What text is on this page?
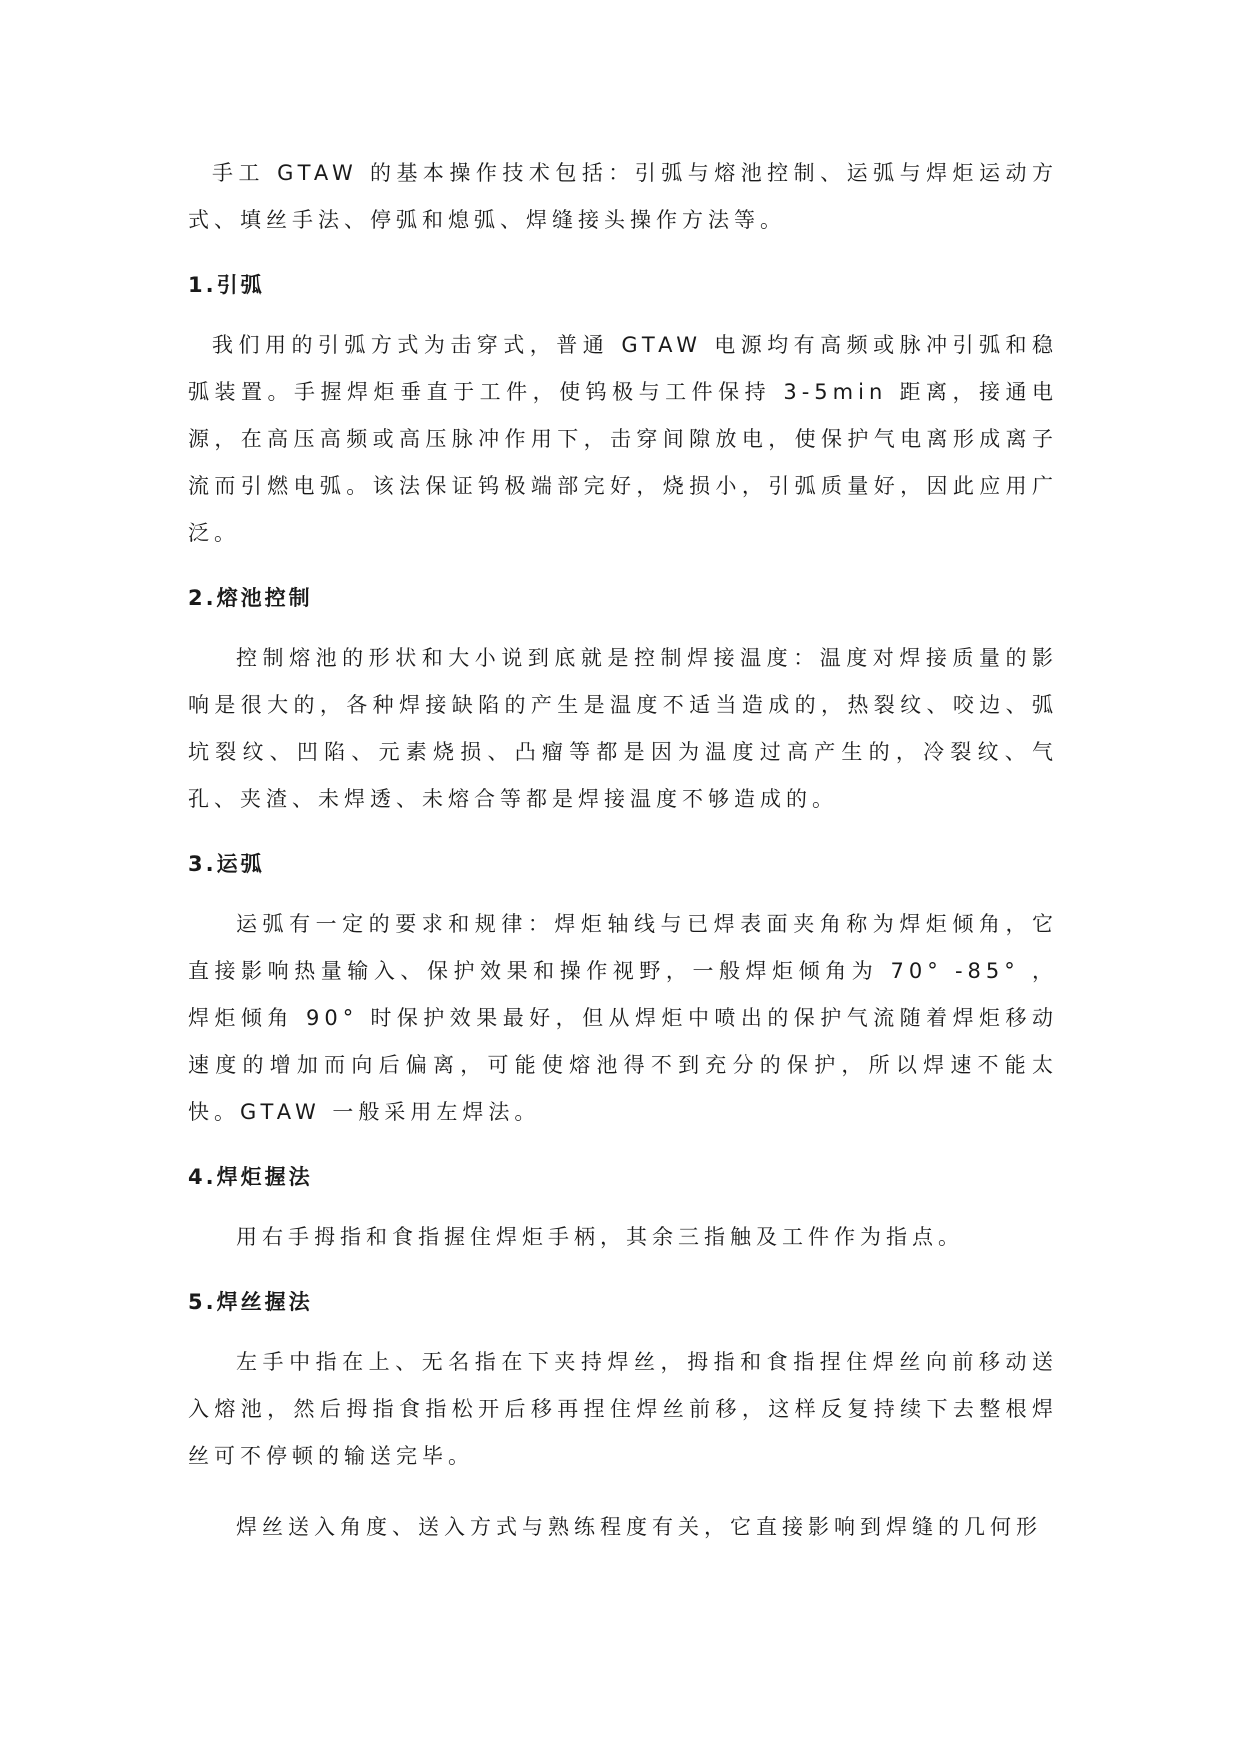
手工 GTAW 的基本操作技术包括：引弧与熔池控制、运弧与焊炬运动方式、填丝手法、停弧和熄弧、焊缝接头操作方法等。

1.引弧

我们用的引弧方式为击穿式，普通 GTAW 电源均有高频或脉冲引弧和稳弧装置。手握焊炬垂直于工件，使钨极与工件保持 3-5min 距离，接通电源，在高压高频或高压脉冲作用下，击穿间隙放电，使保护气电离形成离子流而引燃电弧。该法保证钨极端部完好，烧损小，引弧质量好，因此应用广泛。

2.熔池控制

控制熔池的形状和大小说到底就是控制焊接温度：温度对焊接质量的影响是很大的，各种焊接缺陷的产生是温度不适当造成的，热裂纹、咬边、弧坑裂纹、凹陷、元素烧损、凸瘤等都是因为温度过高产生的，冷裂纹、气孔、夹渣、未焊透、未熔合等都是焊接温度不够造成的。

3.运弧

运弧有一定的要求和规律：焊炬轴线与已焊表面夹角称为焊炬倾角，它直接影响热量输入、保护效果和操作视野，一般焊炬倾角为 70° -85° ，焊炬倾角 90° 时保护效果最好，但从焊炬中喷出的保护气流随着焊炬移动速度的增加而向后偏离，可能使熔池得不到充分的保护，所以焊速不能太快。GTAW 一般采用左焊法。

4.焊炬握法

用右手拇指和食指握住焊炬手柄，其余三指触及工件作为指点。

5.焊丝握法

左手中指在上、无名指在下夹持焊丝，拇指和食指捏住焊丝向前移动送入熔池，然后拇指食指松开后移再捏住焊丝前移，这样反复持续下去整根焊丝可不停顿的输送完毕。

焊丝送入角度、送入方式与熟练程度有关，它直接影响到焊缝的几何形
